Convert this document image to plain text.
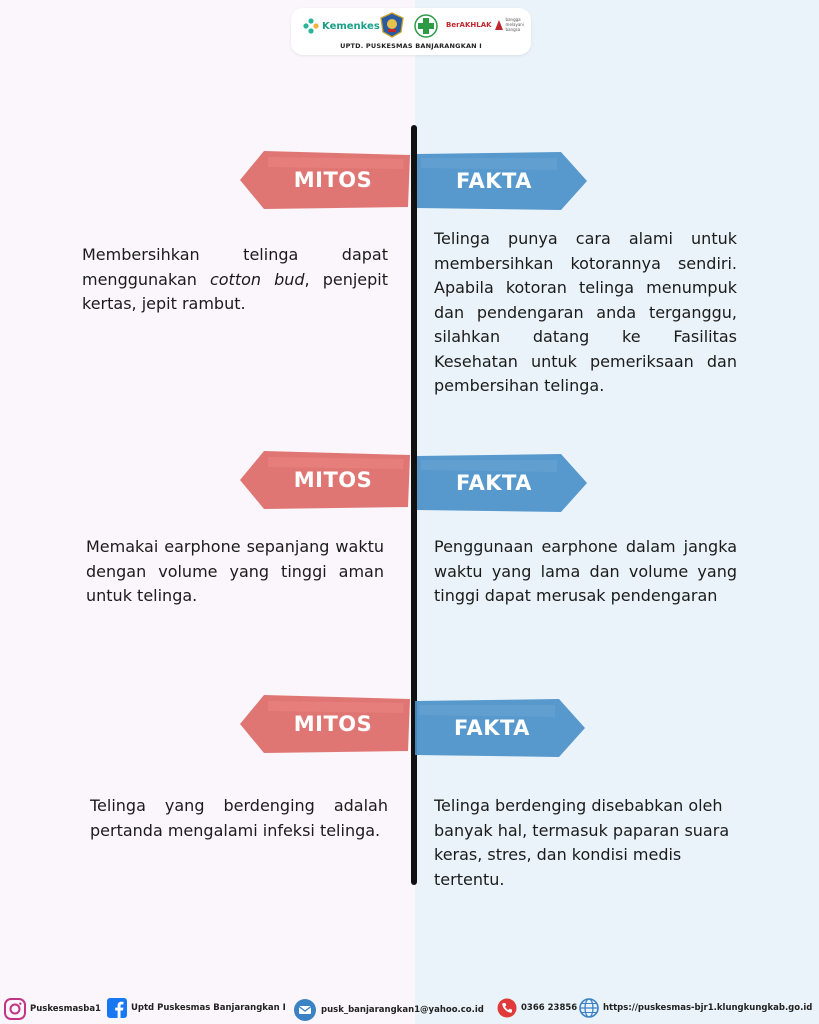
Kemenkes	BerAKHLAK
bangga melayani bangsa
UPTD. PUSKESMAS BANJARANGKAN I
MITOS	FAKTA
Membersihkan telinga dapat menggunakan cotton bud, penjepit kertas, jepit rambut.
Telinga punya cara alami untuk membersihkan kotorannya sendiri. Apabila kotoran telinga menumpuk dan pendengaran anda terganggu, silahkan datang ke Fasilitas Kesehatan untuk pemeriksaan dan pembersihan telinga.
MITOS	FAKTA
Memakai earphone sepanjang waktu dengan volume yang tinggi aman untuk telinga.
Penggunaan earphone dalam jangka waktu yang lama dan volume yang tinggi dapat merusak pendengaran
MITOS	FAKTA
Telinga yang berdenging adalah pertanda mengalami infeksi telinga.
Telinga berdenging disebabkan oleh banyak hal, termasuk paparan suara keras, stres, dan kondisi medis tertentu.
Puskesmasba1	Uptd Puskesmas Banjarangkan I	pusk_banjarangkan1@yahoo.co.id	0366 23856	https://puskesmas-bjr1.klungkungkab.go.id
